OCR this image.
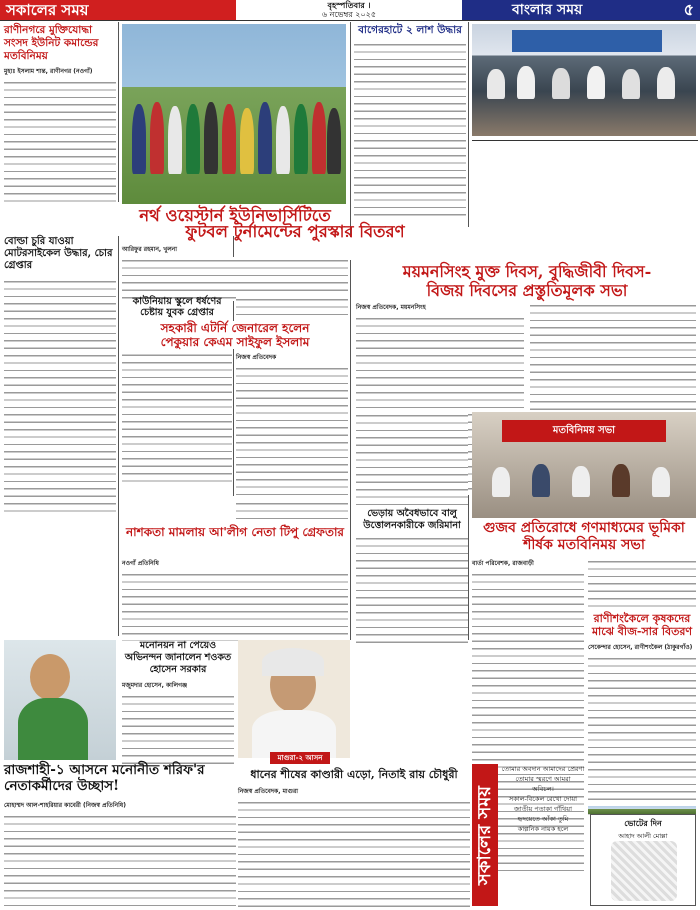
সকালের সময়	বৃহস্পতিবার ।
৬ নভেম্বর ২০২৫	বাংলার সময়	৫
রাণীনগরে মুক্তিযোদ্ধা সংসদ ইউনিট কমান্ডের মতবিনিময়
মুহাঃ ইসলাম শান্ত, রাণীনগর (নওগাঁ)
বোল্ডা চুরি যাওয়া মোটরসাইকেল উদ্ধার, চোর গ্রেপ্তার
বাগেরহাটে ২ লাশ উদ্ধার
নর্থ ওয়েস্টার্ন ইউনিভার্সিটিতে
ফুটবল টুর্নামেন্টের পুরস্কার বিতরণ
আরিফুর রহমান, খুলনা
ময়মনসিংহ মুক্ত দিবস, বুদ্ধিজীবী দিবস-
বিজয় দিবসের প্রস্তুতিমূলক সভা
নিজস্ব প্রতিবেদক, ময়মনসিংহ
কাউনিয়ায় স্কুলে ধর্ষণের চেষ্টায় যুবক গ্রেপ্তার
সহকারী এটর্নি জেনারেল হলেন
পেকুয়ার কেএম সাইফুল ইসলাম
নিজস্ব প্রতিবেদক
মতবিনিময় সভা
ভেড়ায় অবৈধভাবে বালু উত্তোলনকারীকে জরিমানা	গুজব প্রতিরোধে গণমাধ্যমের ভূমিকা শীর্ষক মতবিনিময় সভা
নাশকতা মামলায় আ'লীগ নেতা টিপু গ্রেফতার
নওগাঁ প্রতিনিধি	বার্তা পরিবেশক, রাজবাড়ী
রাণীশংকৈলে কৃষকদের মাঝে বীজ-সার বিতরণ
সেকেন্দার হোসেন, রাণীশংকৈল (ঠাকুরগাঁও)
মনোনয়ন না পেয়েও অভিনন্দন জানালেন শওকত হোসেন সরকার
মজুমদার হোসেন, কালিগঞ্জ
মাগুরা-২ আসন
রাজশাহী-১ আসনে মনোনীত শরিফ'র নেতাকর্মীদের উচ্ছাস!
মোহাম্মদ আল-শাহরিয়ার কাবেরী (নিজস্ব প্রতিনিধি)
ধানের শীষের কাণ্ডারী এড়ো, নিতাই রায় চৌধুরী
নিজস্ব প্রতিবেদক, মাগুরা	সকালের সময়
তোমার অবদান আমাদের প্রেরণা
তোমার স্মরণে আমরা
অবিচল।
সকাল-বিকেল রেখো দোয়া
জাতীয় পতাকা গাঁথিয়া
হৃদয়েতে আঁকা তুমি
কাল্পনিক নায়ক হলে
ভোটের দিন
আহাদ আলী মোল্লা
